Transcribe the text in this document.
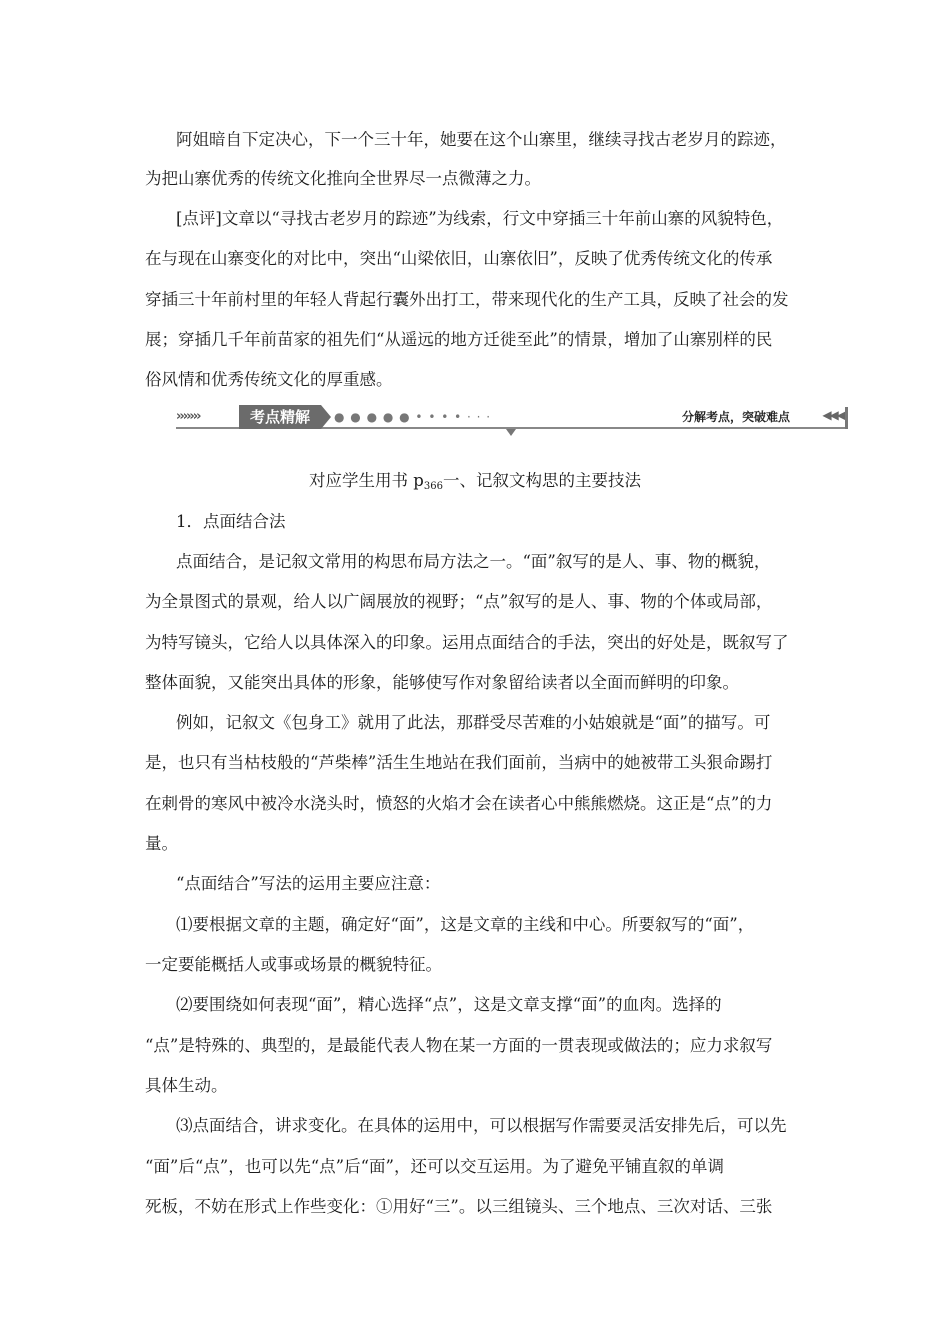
阿姐暗自下定决心，下一个三十年，她要在这个山寨里，继续寻找古老岁月的踪迹，

为把山寨优秀的传统文化推向全世界尽一点微薄之力。

[点评]文章以“寻找古老岁月的踪迹”为线索，行文中穿插三十年前山寨的风貌特色，

在与现在山寨变化的对比中，突出“山梁依旧，山寨依旧”，反映了优秀传统文化的传承

穿插三十年前村里的年轻人背起行囊外出打工，带来现代化的生产工具，反映了社会的发

展；穿插几千年前苗家的祖先们“从遥远的地方迁徙至此”的情景，增加了山寨别样的民

俗风情和优秀传统文化的厚重感。

›››››››	考点精解	● ● ● ● ● • • • • · · ·	分解考点，突破难点	◀◀◀
对应学生用书 p366一、记叙文构思的主要技法

1．点面结合法

点面结合，是记叙文常用的构思布局方法之一。“面”叙写的是人、事、物的概貌，

为全景图式的景观，给人以广阔展放的视野；“点”叙写的是人、事、物的个体或局部，

为特写镜头，它给人以具体深入的印象。运用点面结合的手法，突出的好处是，既叙写了

整体面貌，又能突出具体的形象，能够使写作对象留给读者以全面而鲜明的印象。

例如，记叙文《包身工》就用了此法，那群受尽苦难的小姑娘就是“面”的描写。可

是，也只有当枯枝般的“芦柴棒”活生生地站在我们面前，当病中的她被带工头狠命踢打

在刺骨的寒风中被冷水浇头时，愤怒的火焰才会在读者心中熊熊燃烧。这正是“点”的力

量。

“点面结合”写法的运用主要应注意：

⑴要根据文章的主题，确定好“面”，这是文章的主线和中心。所要叙写的“面”，

一定要能概括人或事或场景的概貌特征。

⑵要围绕如何表现“面”，精心选择“点”，这是文章支撑“面”的血肉。选择的

“点”是特殊的、典型的，是最能代表人物在某一方面的一贯表现或做法的；应力求叙写

具体生动。

⑶点面结合，讲求变化。在具体的运用中，可以根据写作需要灵活安排先后，可以先

“面”后“点”，也可以先“点”后“面”，还可以交互运用。为了避免平铺直叙的单调

死板，不妨在形式上作些变化：①用好“三”。以三组镜头、三个地点、三次对话、三张
